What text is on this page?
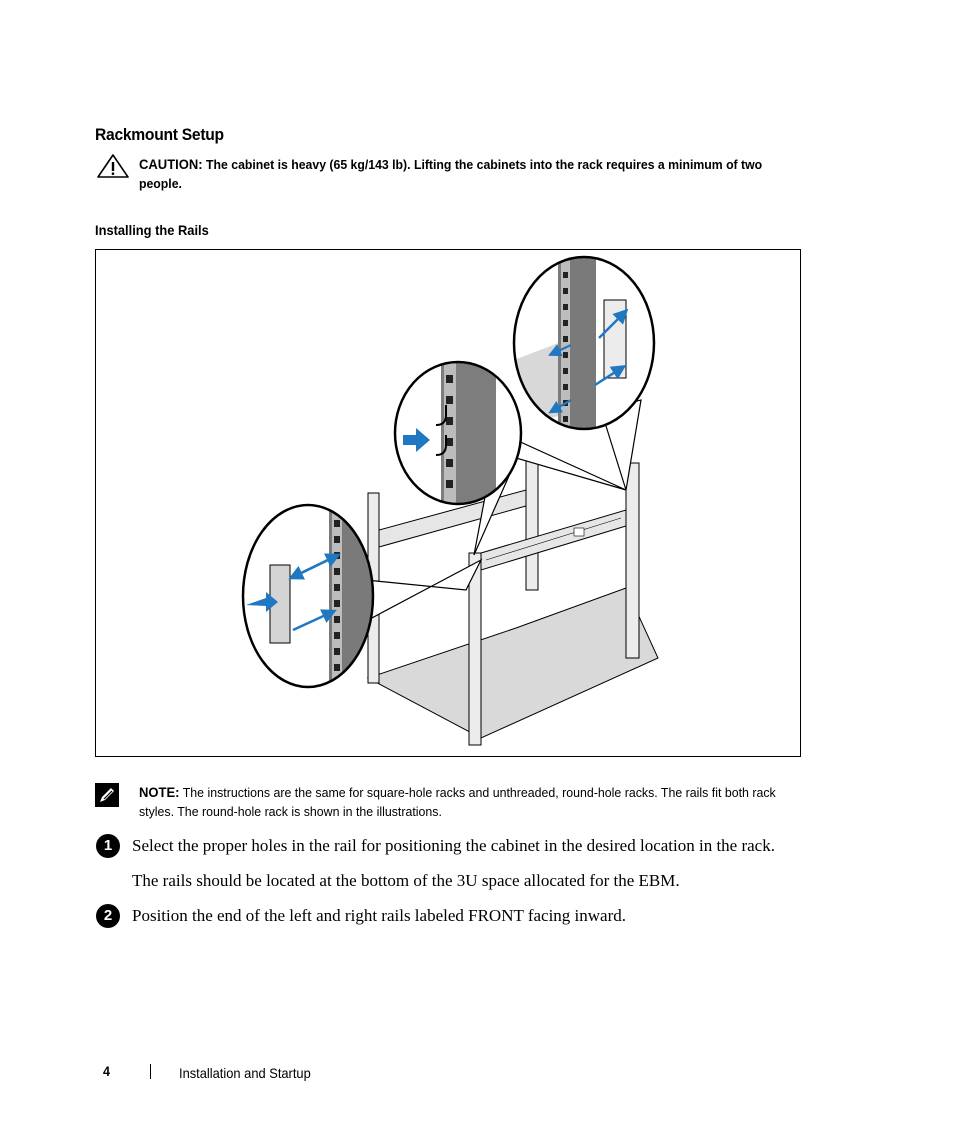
Rackmount Setup
CAUTION: The cabinet is heavy (65 kg/143 lb). Lifting the cabinets into the rack requires a minimum of two people.
Installing the Rails
NOTE: The instructions are the same for square-hole racks and unthreaded, round-hole racks. The rails fit both rack styles. The round-hole rack is shown in the illustrations.
1	Select the proper holes in the rail for positioning the cabinet in the desired location in the rack.
The rails should be located at the bottom of the 3U space allocated for the EBM.
2	Position the end of the left and right rails labeled FRONT facing inward.
4	Installation and Startup
